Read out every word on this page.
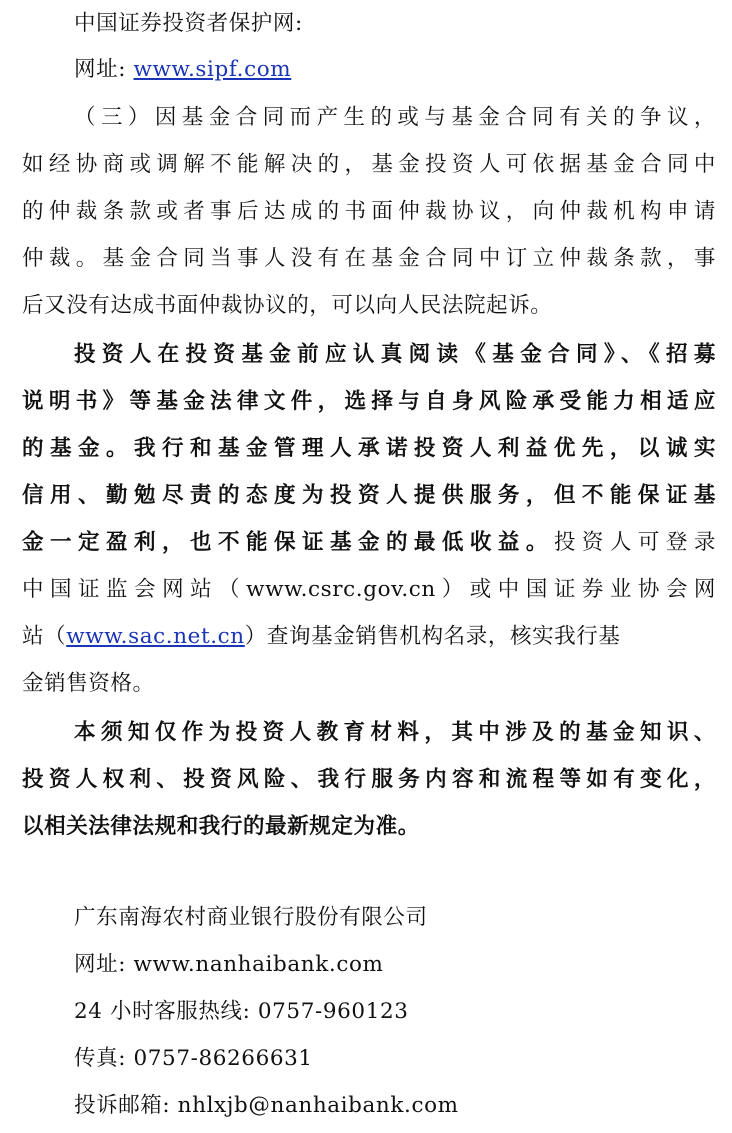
中国证券投资者保护网:
网址: www.sipf.com
（三）因基金合同而产生的或与基金合同有关的争议，
如经协商或调解不能解决的，基金投资人可依据基金合同中
的仲裁条款或者事后达成的书面仲裁协议，向仲裁机构申请
仲裁。基金合同当事人没有在基金合同中订立仲裁条款，事
后又没有达成书面仲裁协议的，可以向人民法院起诉。
投资人在投资基金前应认真阅读《基金合同》、《招募
说明书》等基金法律文件，选择与自身风险承受能力相适应
的基金。我行和基金管理人承诺投资人利益优先，以诚实
信用、勤勉尽责的态度为投资人提供服务，但不能保证基
金一定盈利，也不能保证基金的最低收益。投资人可登录
中国证监会网站（www.csrc.gov.cn）或中国证券业协会网
站（www.sac.net.cn）查询基金销售机构名录，核实我行基
金销售资格。
本须知仅作为投资人教育材料，其中涉及的基金知识、
投资人权利、投资风险、我行服务内容和流程等如有变化，
以相关法律法规和我行的最新规定为准。
广东南海农村商业银行股份有限公司
网址: www.nanhaibank.com
24 小时客服热线: 0757-960123
传真: 0757-86266631
投诉邮箱: nhlxjb@nanhaibank.com
